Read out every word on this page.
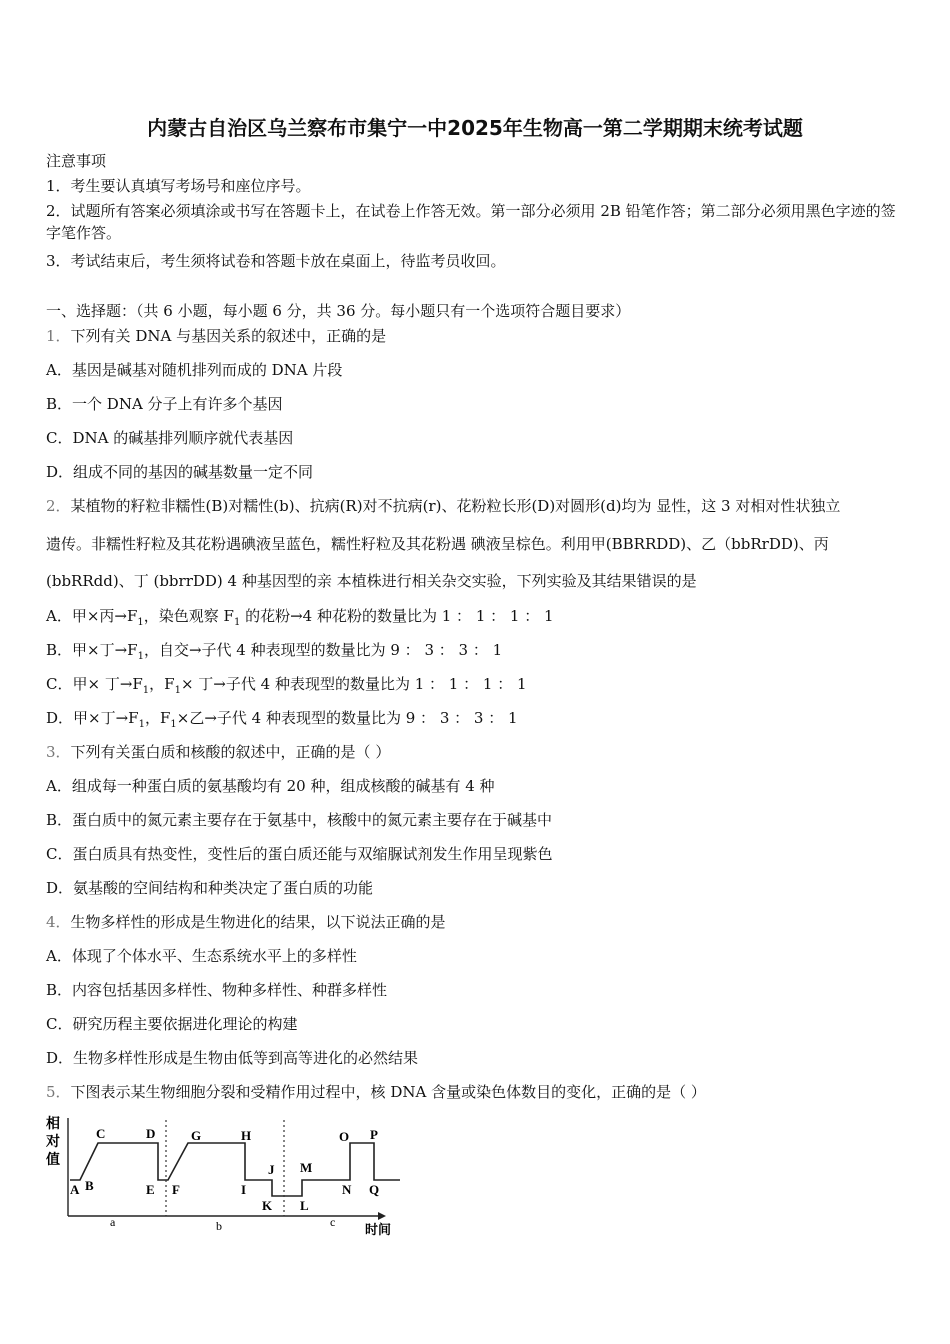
内蒙古自治区乌兰察布市集宁一中2025年生物高一第二学期期末统考试题
注意事项
1．考生要认真填写考场号和座位序号。
2．试题所有答案必须填涂或书写在答题卡上，在试卷上作答无效。第一部分必须用 2B 铅笔作答；第二部分必须用黑色字迹的签字笔作答。
3．考试结束后，考生须将试卷和答题卡放在桌面上，待监考员收回。
一、选择题：（共 6 小题，每小题 6 分，共 36 分。每小题只有一个选项符合题目要求）
1．下列有关 DNA 与基因关系的叙述中，正确的是
A．基因是碱基对随机排列而成的 DNA 片段
B．一个 DNA 分子上有许多个基因
C．DNA 的碱基排列顺序就代表基因
D．组成不同的基因的碱基数量一定不同
2．某植物的籽粒非糯性(B)对糯性(b)、抗病(R)对不抗病(r)、花粉粒长形(D)对圆形(d)均为 显性，这 3 对相对性状独立
遗传。非糯性籽粒及其花粉遇碘液呈蓝色，糯性籽粒及其花粉遇 碘液呈棕色。利用甲(BBRRDD)、乙（bbRrDD)、丙
(bbRRdd)、丁 (bbrrDD) 4 种基因型的亲 本植株进行相关杂交实验，下列实验及其结果错误的是
A．甲×丙$\to F_1$，染色观察 $F_1$ 的花粉→4 种花粉的数量比为 1 ： 1 ： 1 ： 1
B．甲×丁$\to F_1$，自交→子代 4 种表现型的数量比为 9 ： 3 ： 3 ： 1
C．甲× 丁$\to F_1$，$F_1\times$ 丁→子代 4 种表现型的数量比为 1 ： 1 ： 1 ： 1
D．甲×丁$\to F_1$，$F_1\times$乙→子代 4 种表现型的数量比为 9 ： 3 ： 3 ： 1
3．下列有关蛋白质和核酸的叙述中，正确的是（ ）
A．组成每一种蛋白质的氨基酸均有 20 种，组成核酸的碱基有 4 种
B．蛋白质中的氮元素主要存在于氨基中，核酸中的氮元素主要存在于碱基中
C．蛋白质具有热变性，变性后的蛋白质还能与双缩脲试剂发生作用呈现紫色
D．氨基酸的空间结构和种类决定了蛋白质的功能
4．生物多样性的形成是生物进化的结果，以下说法正确的是
A．体现了个体水平、生态系统水平上的多样性
B．内容包括基因多样性、物种多样性、种群多样性
C．研究历程主要依据进化理论的构建
D．生物多样性形成是生物由低等到高等进化的必然结果
5．下图表示某生物细胞分裂和受精作用过程中，核 DNA 含量或染色体数目的变化，正确的是（ ）
相
对
值
A B
C	D
E F
G	H
I
J
K L
M
N
O P
Q
a	b	c 时间
